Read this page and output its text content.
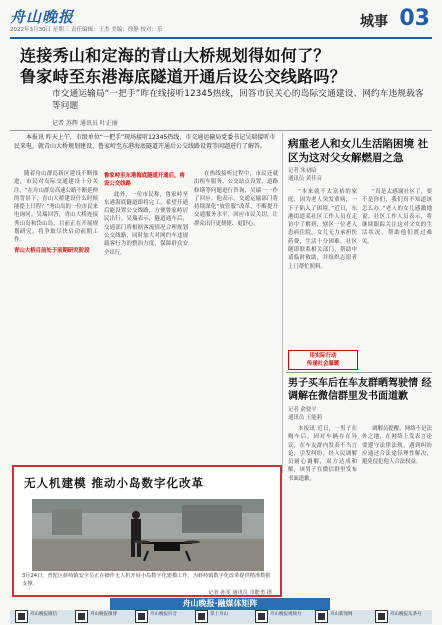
舟山晚报
2022年3月30日 星期三 责任编辑：王杰 美编：徐静 校对：乐	城事 03
连接秀山和定海的青山大桥规划得如何了？
鲁家峙至东港海底隧道开通后设公交线路吗？
市交通运输局“一把手”昨在线接听12345热线，回答市民关心的岛际交通建设、网约车违规载客等问题
记者 苏辉 通讯员 叶正丽
本报讯 昨天上午，市级单位“一把手”现场接听12345热线，市交通运输局党委书记吴瑞接听市民来电，就青山大桥规划建设、鲁家峙至东港海底隧道开通后公交线路设置等问题进行了解答。

随着舟山群岛新区建设不断推进，市民对岛际交通建设十分关注。“在舟山群岛高速公路不断延伸的背景下，青山大桥建设什么时候能提上日程？”秀山岛的一位市民来电询问。吴瑞回答，青山大桥连接秀山岛和岱山岛，目前正在开展规划研究，将争取尽快启动前期工作。

青山大桥目前处于前期研究阶段
鲁家峙至东港海底隧道开通后，将设公交线路

此外，一位市民称，鲁家峙至东港海底隧道即将完工，希望开通后能设置公交线路，方便鲁家峙居民出行。吴瑞表示，隧道通车后，交通部门将根据客流情况合理规划公交线路，同时加大对网约车违规载客行为的整治力度，保障群众安全出行。

在热线接听过程中，市民还就出租车服务、公交站点设置、道路修缮等问题进行咨询，吴瑞一一作了回应。他表示，交通运输部门将持续深化“放管服”改革，不断提升交通服务水平，回应市民关切，让群众出行更便捷、更舒心。

病重老人和女儿生活陷困境 社区为这对父女解燃眉之急
记者 朱初暗
通讯员 黄佳音

“本来就不太富裕的家庭，因为老人突发重病，一下子陷入了困境。”近日，东港街道某社区工作人员在走访中了解到，辖区一位老人患病住院，女儿无力承担医药费，生活十分困难。社区随即联系相关部门，帮助申请临时救助，并组织志愿者上门帮忙照料。

“真是太感谢社区了，要不是你们，我们真不知道该怎么办。”老人的女儿感激地说。社区工作人员表示，将继续跟踪关注这对父女的生活状况，帮助他们渡过难关。

用实际行动
传递社会温暖
男子买车后在车友群晒驾驶情 经调解在微信群里发书面道歉
记者 俞骁平
通讯员 王能莉

本报讯 近日，一男子在购车后，因对车辆存在异议，在车友群内发表不当言论，引发纠纷。经人民调解员耐心调解，双方达成和解，该男子在微信群里发布书面道歉。

调解员提醒，网络不是法外之地，在网络上发表言论要遵守法律法规，遇到纠纷应通过合法途径理性解决，避免侵犯他人合法权益。

无人机建模 推动小岛数字化改革
3月24日，普陀区虾峙镇安全员正在操作无人机开展小岛数字化建模工作，为虾峙镇数字化改革提供精准数据支撑。
记者 孙雯 通讯员 卓能勇 摄
舟山晚报·融媒体矩阵
舟山晚报微信	舟山晚报微博	舟山晚报抖音	掌上舟山	舟山晚报视频号	舟山新闻网	舟山晚报头条号
